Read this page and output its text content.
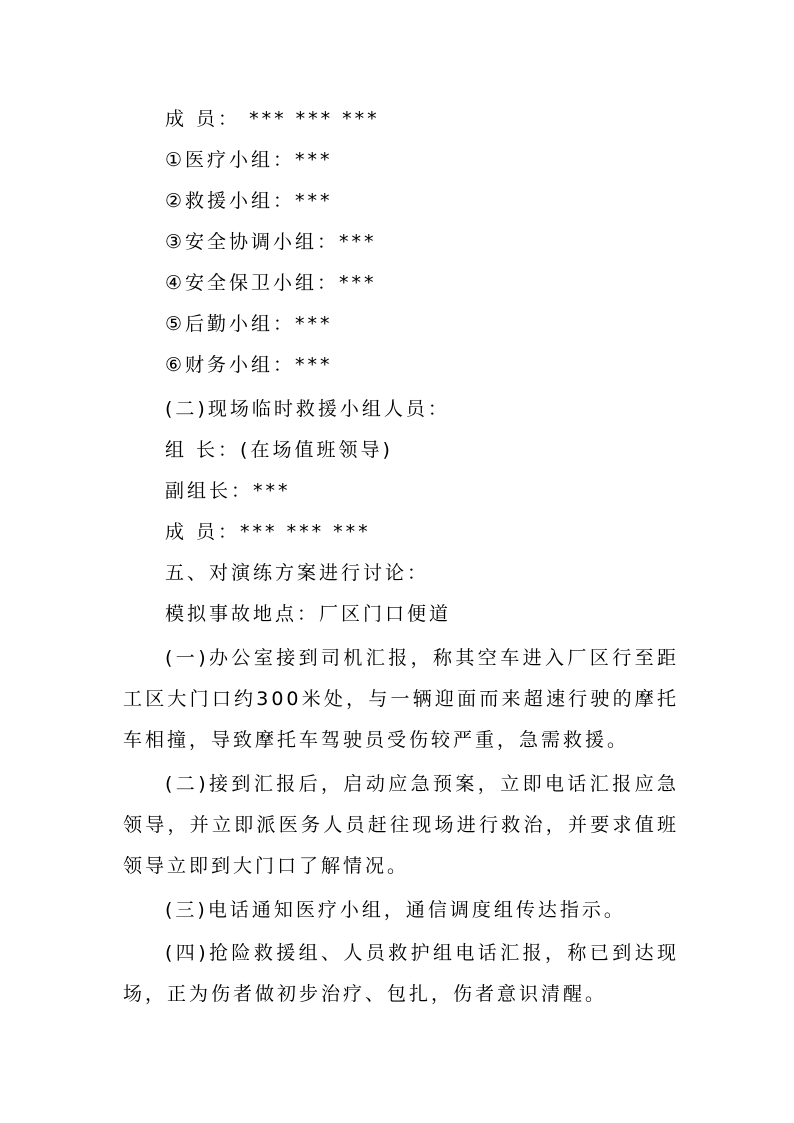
成 员： *** *** ***
①医疗小组：***
②救援小组：***
③安全协调小组：***
④安全保卫小组：***
⑤后勤小组：***
⑥财务小组：***
(二)现场临时救援小组人员：
组 长：(在场值班领导)
副组长：***
成 员：*** *** ***
五、对演练方案进行讨论：
模拟事故地点：厂区门口便道
(一)办公室接到司机汇报，称其空车进入厂区行至距工区大门口约300米处，与一辆迎面而来超速行驶的摩托车相撞，导致摩托车驾驶员受伤较严重，急需救援。
(二)接到汇报后，启动应急预案，立即电话汇报应急领导，并立即派医务人员赶往现场进行救治，并要求值班领导立即到大门口了解情况。
(三)电话通知医疗小组，通信调度组传达指示。
(四)抢险救援组、人员救护组电话汇报，称已到达现场，正为伤者做初步治疗、包扎，伤者意识清醒。
